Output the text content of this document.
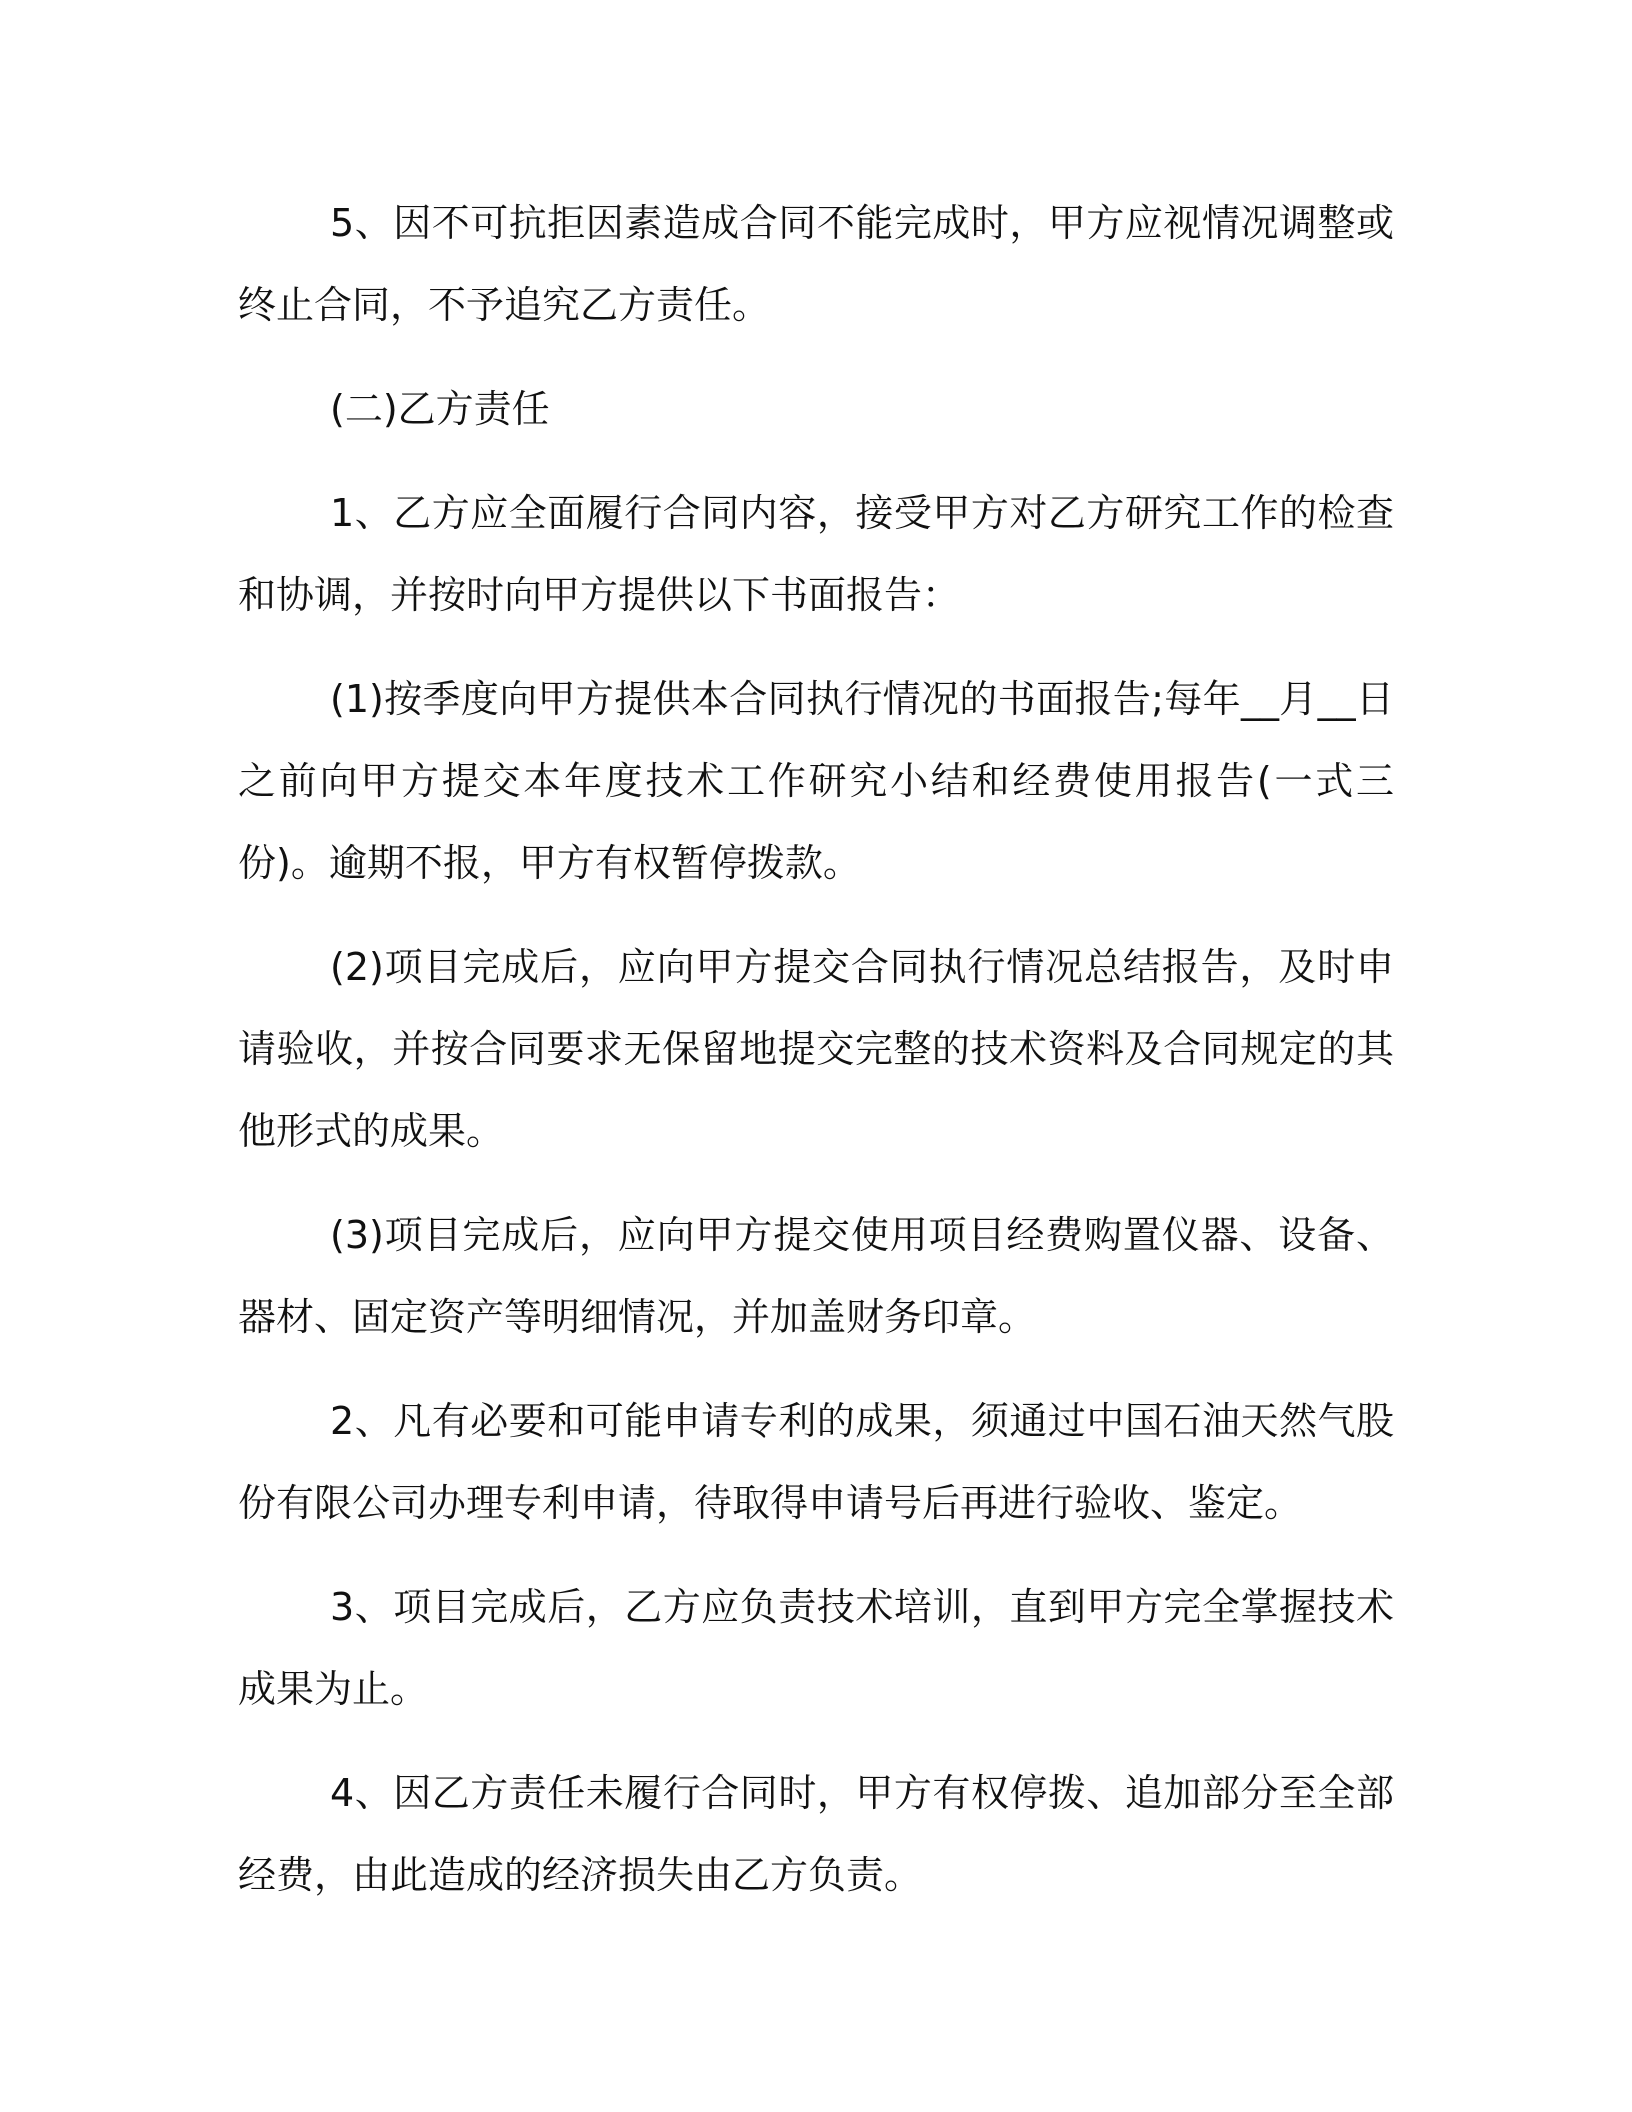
5、因不可抗拒因素造成合同不能完成时，甲方应视情况调整或终止合同，不予追究乙方责任。

(二)乙方责任

1、乙方应全面履行合同内容，接受甲方对乙方研究工作的检查和协调，并按时向甲方提供以下书面报告：

(1)按季度向甲方提供本合同执行情况的书面报告;每年__月__日之前向甲方提交本年度技术工作研究小结和经费使用报告(一式三份)。逾期不报，甲方有权暂停拨款。

(2)项目完成后，应向甲方提交合同执行情况总结报告，及时申请验收，并按合同要求无保留地提交完整的技术资料及合同规定的其他形式的成果。

(3)项目完成后，应向甲方提交使用项目经费购置仪器、设备、器材、固定资产等明细情况，并加盖财务印章。

2、凡有必要和可能申请专利的成果，须通过中国石油天然气股份有限公司办理专利申请，待取得申请号后再进行验收、鉴定。

3、项目完成后，乙方应负责技术培训，直到甲方完全掌握技术成果为止。

4、因乙方责任未履行合同时，甲方有权停拨、追加部分至全部经费，由此造成的经济损失由乙方负责。
